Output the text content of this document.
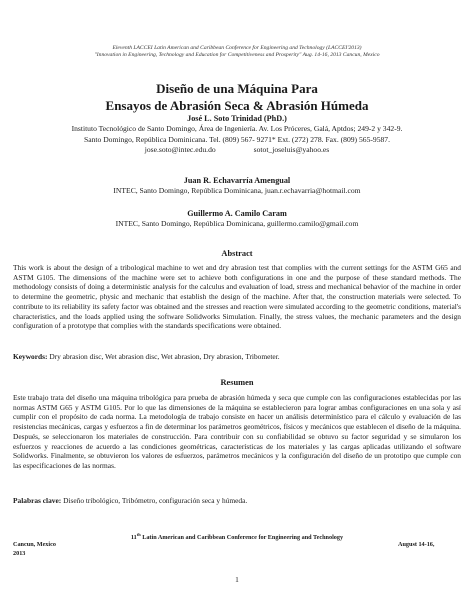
Eleventh LACCEI Latin American and Caribbean Conference for Engineering and Technology (LACCEI'2013)
"Innovation in Engineering, Technology and Education for Competitiveness and Prosperity" Aug. 14-16, 2013 Cancun, Mexico
Diseño de una Máquina Para
Ensayos de Abrasión Seca & Abrasión Húmeda
José L. Soto Trinidad (PhD.)
Instituto Tecnológico de Santo Domingo, Área de Ingeniería. Av. Los Próceres, Galá, Aptdos; 249-2 y 342-9.
Santo Domingo, República Dominicana. Tel. (809) 567- 9271* Ext. (272) 278. Fax. (809) 565-9587.
jose.soto@intec.edu.do	sotot_joseluis@yahoo.es
Juan R. Echavarría Amengual
INTEC, Santo Domingo, República Dominicana, juan.r.echavarria@hotmail.com
Guillermo A. Camilo Caram
INTEC, Santo Domingo, República Dominicana, guillermo.camilo@gmail.com
Abstract
This work is about the design of a tribological machine to wet and dry abrasion test that complies with the current settings for the ASTM G65 and ASTM G105. The dimensions of the machine were set to achieve both configurations in one and the purpose of these standard methods. The methodology consists of doing a deterministic analysis for the calculus and evaluation of load, stress and mechanical behavior of the machine in order to determine the geometric, physic and mechanic that establish the design of the machine. After that, the construction materials were selected. To contribute to its reliability its safety factor was obtained and the stresses and reaction were simulated according to the geometric conditions, material's characteristics, and the loads applied using the software Solidworks Simulation. Finally, the stress values, the mechanic parameters and the design configuration of a prototype that complies with the standards specifications were obtained.
Keywords: Dry abrasion disc, Wet abrasion disc, Wet abrasion, Dry abrasion, Tribometer.
Resumen
Este trabajo trata del diseño una máquina tribológica para prueba de abrasión húmeda y seca que cumple con las configuraciones establecidas por las normas ASTM G65 y ASTM G105. Por lo que las dimensiones de la máquina se establecieron para lograr ambas configuraciones en una sola y así cumplir con el propósito de cada norma. La metodología de trabajo consiste en hacer un análisis determinístico para el cálculo y evaluación de las resistencias mecánicas, cargas y esfuerzos a fin de determinar los parámetros geométricos, físicos y mecánicos que establecen el diseño de la máquina. Después, se seleccionaron los materiales de construcción. Para contribuir con su confiabilidad se obtuvo su factor seguridad y se simularon los esfuerzos y reacciones de acuerdo a las condiciones geométricas, características de los materiales y las cargas aplicadas utilizando el software Solidworks. Finalmente, se obtuvieron los valores de esfuerzos, parámetros mecánicos y la configuración del diseño de un prototipo que cumple con las especificaciones de las normas.
Palabras clave: Diseño tribológico, Tribómetro, configuración seca y húmeda.
11th Latin American and Caribbean Conference for Engineering and Technology
Cancun, Mexico
2013
August 14-16,
1
